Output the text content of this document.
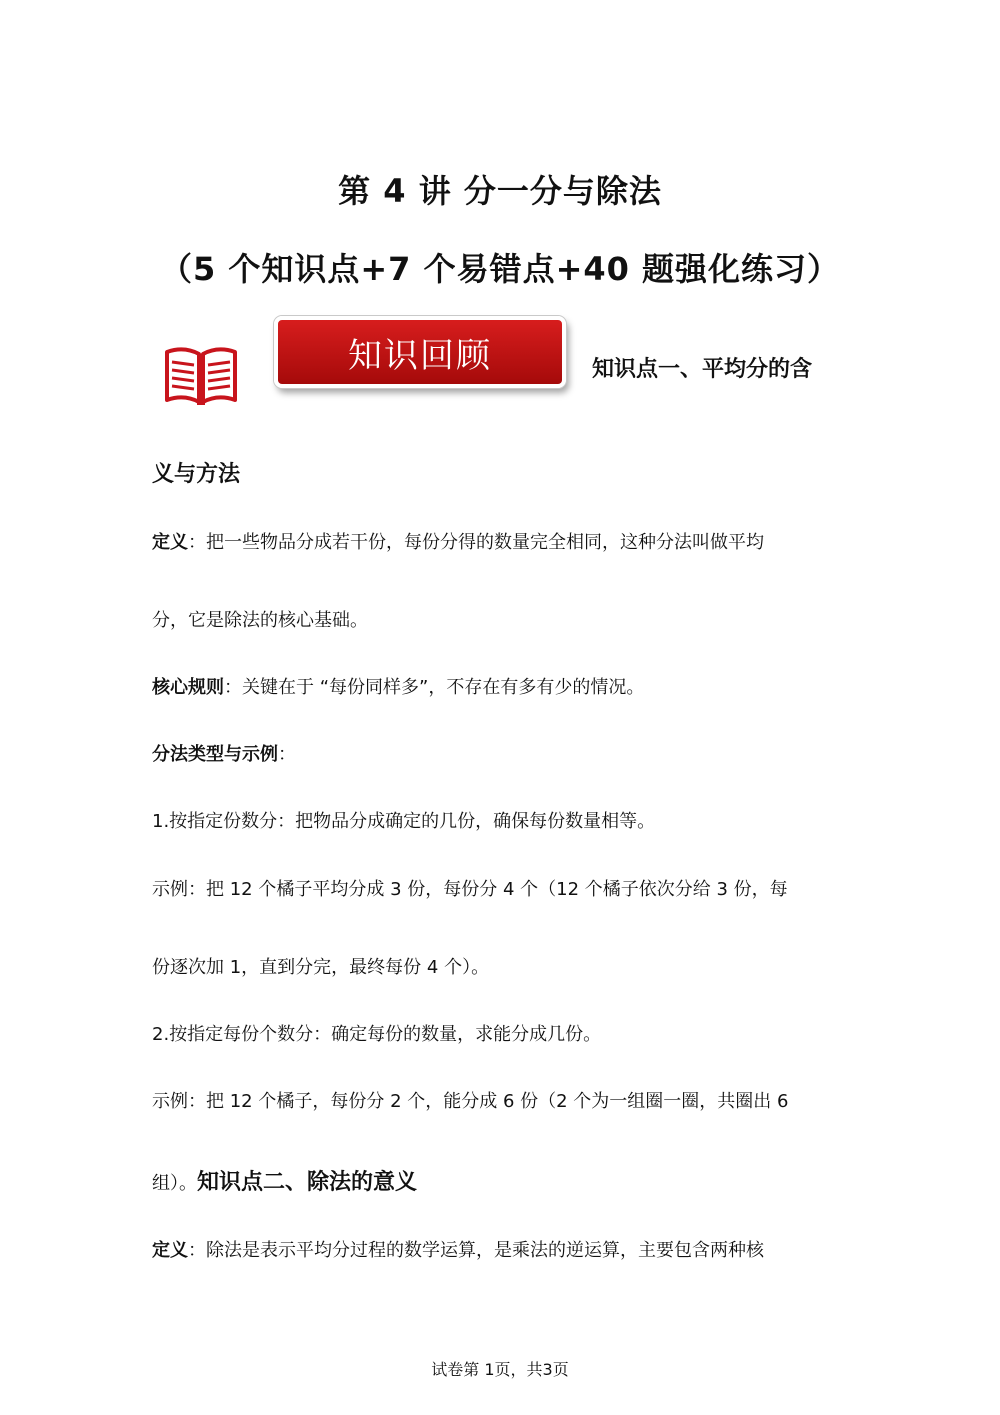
第 4 讲 分一分与除法
（5 个知识点+7 个易错点+40 题强化练习）
知识回顾	知识点一、平均分的含
义与方法

定义：把一些物品分成若干份，每份分得的数量完全相同，这种分法叫做平均

分，它是除法的核心基础。

核心规则：关键在于 “每份同样多”，不存在有多有少的情况。

分法类型与示例：

1.按指定份数分：把物品分成确定的几份，确保每份数量相等。

示例：把 12 个橘子平均分成 3 份，每份分 4 个（12 个橘子依次分给 3 份，每

份逐次加 1，直到分完，最终每份 4 个）。

2.按指定每份个数分：确定每份的数量，求能分成几份。

示例：把 12 个橘子，每份分 2 个，能分成 6 份（2 个为一组圈一圈，共圈出 6

组）。知识点二、除法的意义

定义：除法是表示平均分过程的数学运算，是乘法的逆运算，主要包含两种核

试卷第 1页，共3页
